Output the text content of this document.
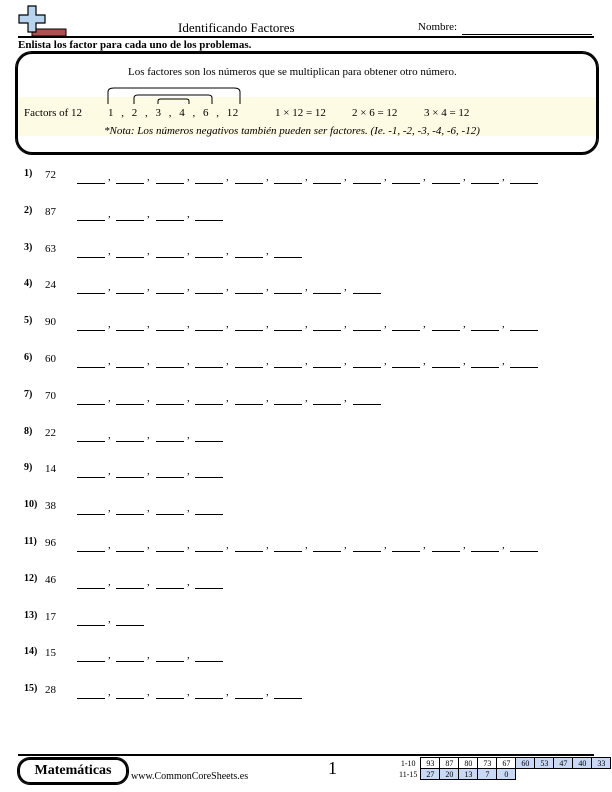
Identificando Factores	Nombre:
Enlista los factor para cada uno de los problemas.
Los factores son los números que se multiplican para obtener otro número.
Factors of 12 1 , 2 , 3 , 4 , 6 , 12	1 × 12 = 12 2 × 6 = 12 3 × 4 = 12
*Nota: Los números negativos también pueden ser factores. (Ie. -1, -2, -3, -4, -6, -12)
1) 72	,	,	,	,	,	,	,	,	,	,	,
2) 87	,	,	,
3) 63	,	,	,	,	,
4) 24	,	,	,	,	,	,	,
5) 90	,	,	,	,	,	,	,	,	,	,	,
6) 60	,	,	,	,	,	,	,	,	,	,	,
7) 70	,	,	,	,	,	,	,
8) 22	,	,	,
9) 14	,	,	,
10) 38	,	,	,
11) 96	,	,	,	,	,	,	,	,	,	,	,
12) 46	,	,	,
13) 17	,
14) 15	,	,	,
15) 28	,	,	,	,	,
Matemáticas	www.CommonCoreSheets.es	1	1-10	93	87	80	73	67	60	53	47	40	33
11-15	27	20	13	7	0					
